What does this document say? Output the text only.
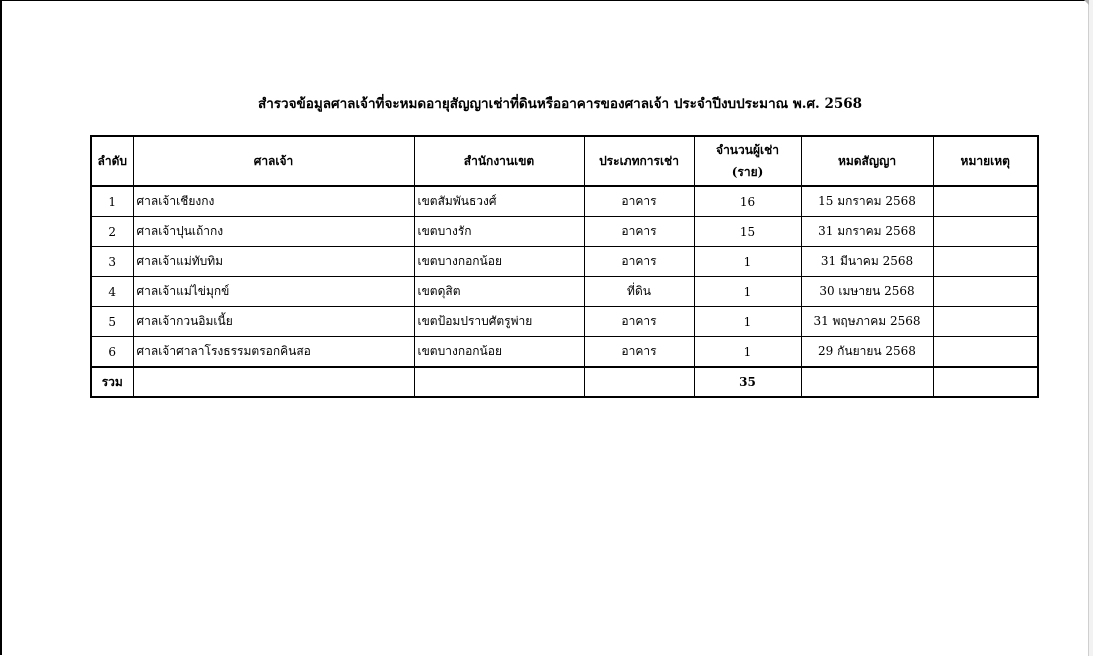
สำรวจข้อมูลศาลเจ้าที่จะหมดอายุสัญญาเช่าที่ดินหรืออาคารของศาลเจ้า ประจำปีงบประมาณ พ.ศ. 2568
ลำดับ	ศาลเจ้า	สำนักงานเขต	ประเภทการเช่า	จำนวนผู้เช่า
(ราย)	หมดสัญญา	หมายเหตุ
1	ศาลเจ้าเชียงกง	เขตสัมพันธวงศ์	อาคาร	16	15 มกราคม 2568	
2	ศาลเจ้าปุนเถ้ากง	เขตบางรัก	อาคาร	15	31 มกราคม 2568	
3	ศาลเจ้าแม่ทับทิม	เขตบางกอกน้อย	อาคาร	1	31 มีนาคม 2568	
4	ศาลเจ้าแม่ไข่มุกข์	เขตดุสิต	ที่ดิน	1	30 เมษายน 2568	
5	ศาลเจ้ากวนอิมเนี้ย	เขตป้อมปราบศัตรูพ่าย	อาคาร	1	31 พฤษภาคม 2568	
6	ศาลเจ้าศาลาโรงธรรมตรอกคินสอ	เขตบางกอกน้อย	อาคาร	1	29 กันยายน 2568	
รวม				35		
